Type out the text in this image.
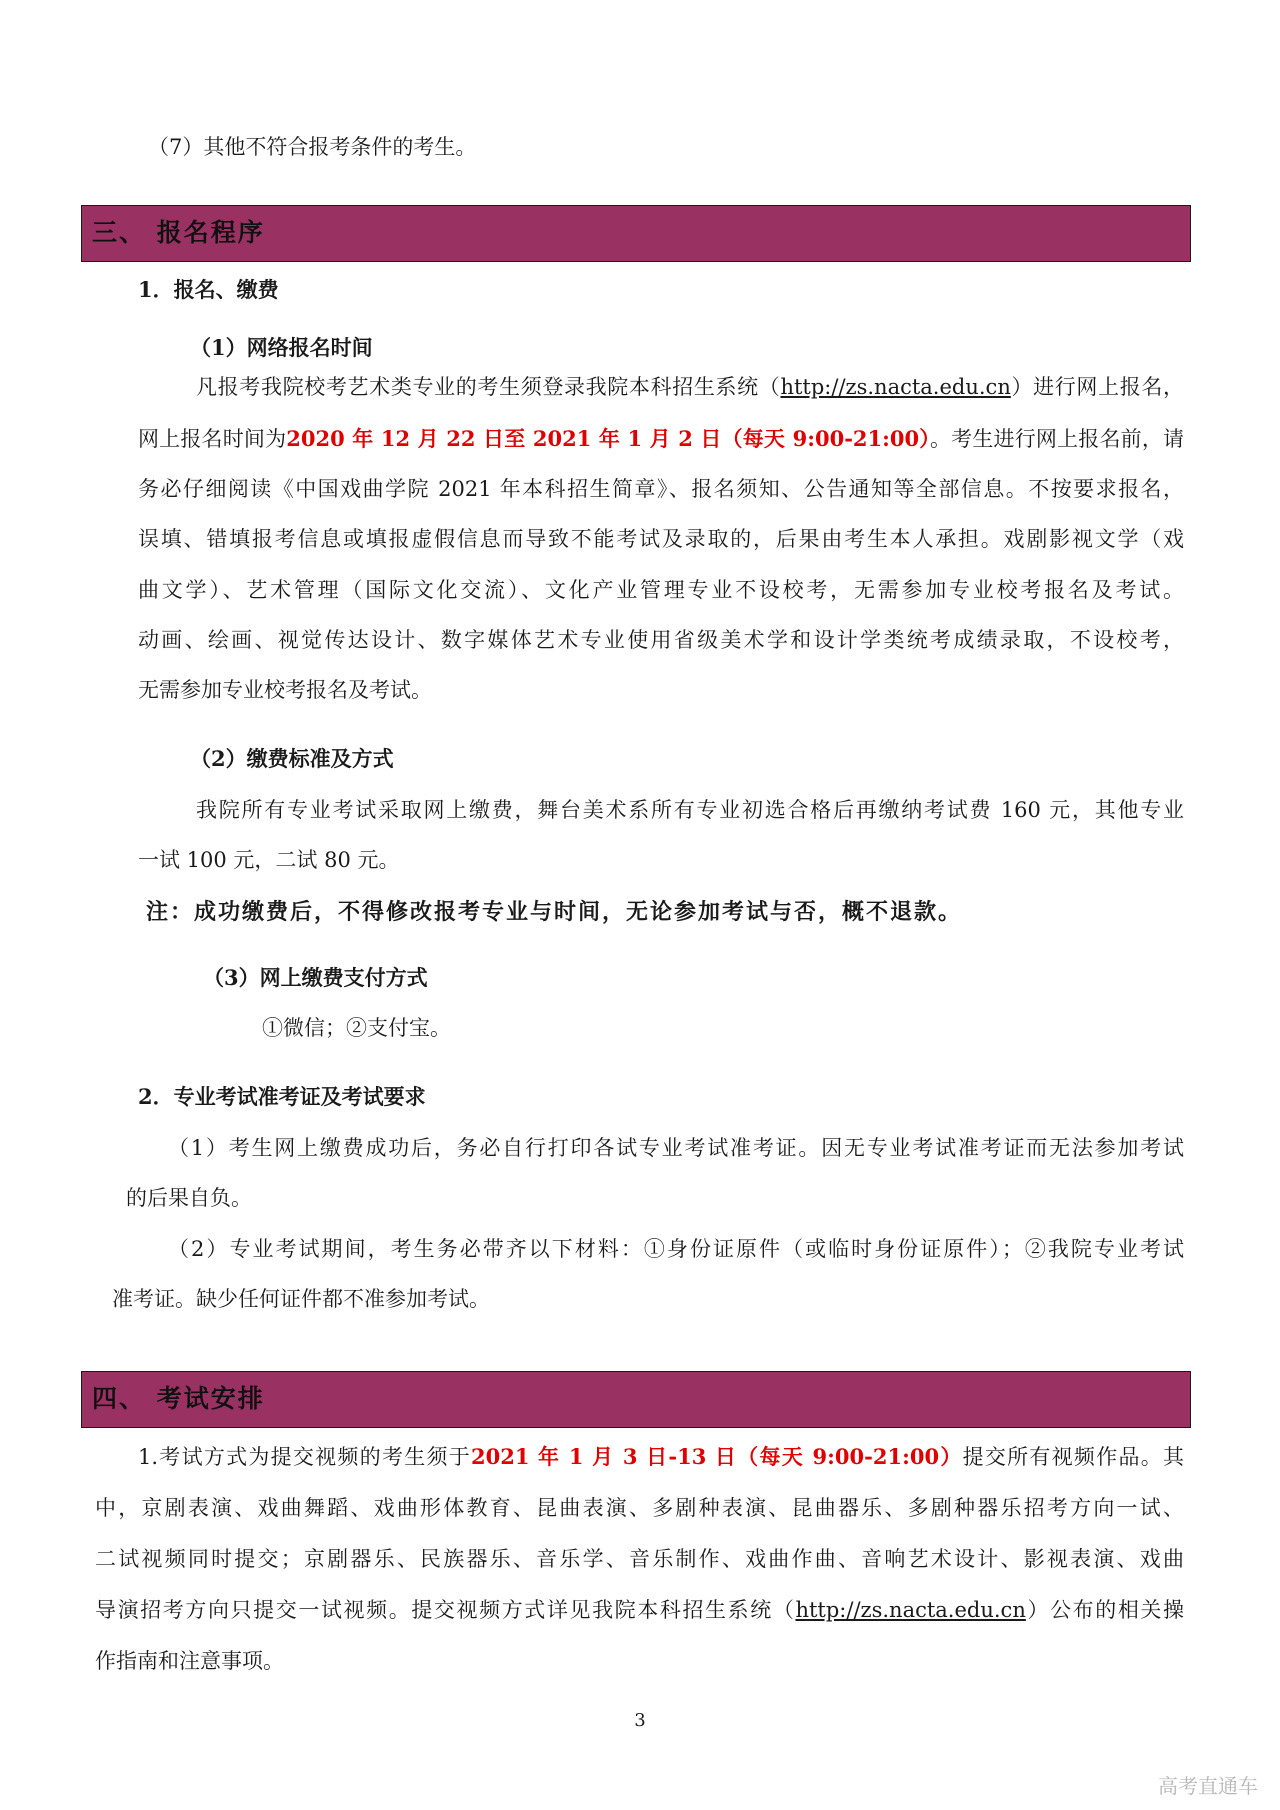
（7）其他不符合报考条件的考生。
三、 报名程序
1．报名、缴费
（1）网络报名时间
凡报考我院校考艺术类专业的考生须登录我院本科招生系统（http://zs.nacta.edu.cn）进行网上报名，
网上报名时间为2020 年 12 月 22 日至 2021 年 1 月 2 日（每天 9:00-21:00）。考生进行网上报名前，请
务必仔细阅读《中国戏曲学院 2021 年本科招生简章》、报名须知、公告通知等全部信息。不按要求报名，
误填、错填报考信息或填报虚假信息而导致不能考试及录取的，后果由考生本人承担。戏剧影视文学（戏
曲文学）、艺术管理（国际文化交流）、文化产业管理专业不设校考，无需参加专业校考报名及考试。
动画、绘画、视觉传达设计、数字媒体艺术专业使用省级美术学和设计学类统考成绩录取，不设校考，
无需参加专业校考报名及考试。
（2）缴费标准及方式
我院所有专业考试采取网上缴费，舞台美术系所有专业初选合格后再缴纳考试费 160 元，其他专业
一试 100 元，二试 80 元。
注：成功缴费后，不得修改报考专业与时间，无论参加考试与否，概不退款。
（3）网上缴费支付方式
①微信；②支付宝。
2．专业考试准考证及考试要求
（1）考生网上缴费成功后，务必自行打印各试专业考试准考证。因无专业考试准考证而无法参加考试
的后果自负。
（2）专业考试期间，考生务必带齐以下材料：①身份证原件（或临时身份证原件）；②我院专业考试
准考证。缺少任何证件都不准参加考试。
四、 考试安排
1.考试方式为提交视频的考生须于2021 年 1 月 3 日-13 日（每天 9:00-21:00）提交所有视频作品。其
中，京剧表演、戏曲舞蹈、戏曲形体教育、昆曲表演、多剧种表演、昆曲器乐、多剧种器乐招考方向一试、
二试视频同时提交；京剧器乐、民族器乐、音乐学、音乐制作、戏曲作曲、音响艺术设计、影视表演、戏曲
导演招考方向只提交一试视频。提交视频方式详见我院本科招生系统（http://zs.nacta.edu.cn）公布的相关操
作指南和注意事项。
3
高考直通车
